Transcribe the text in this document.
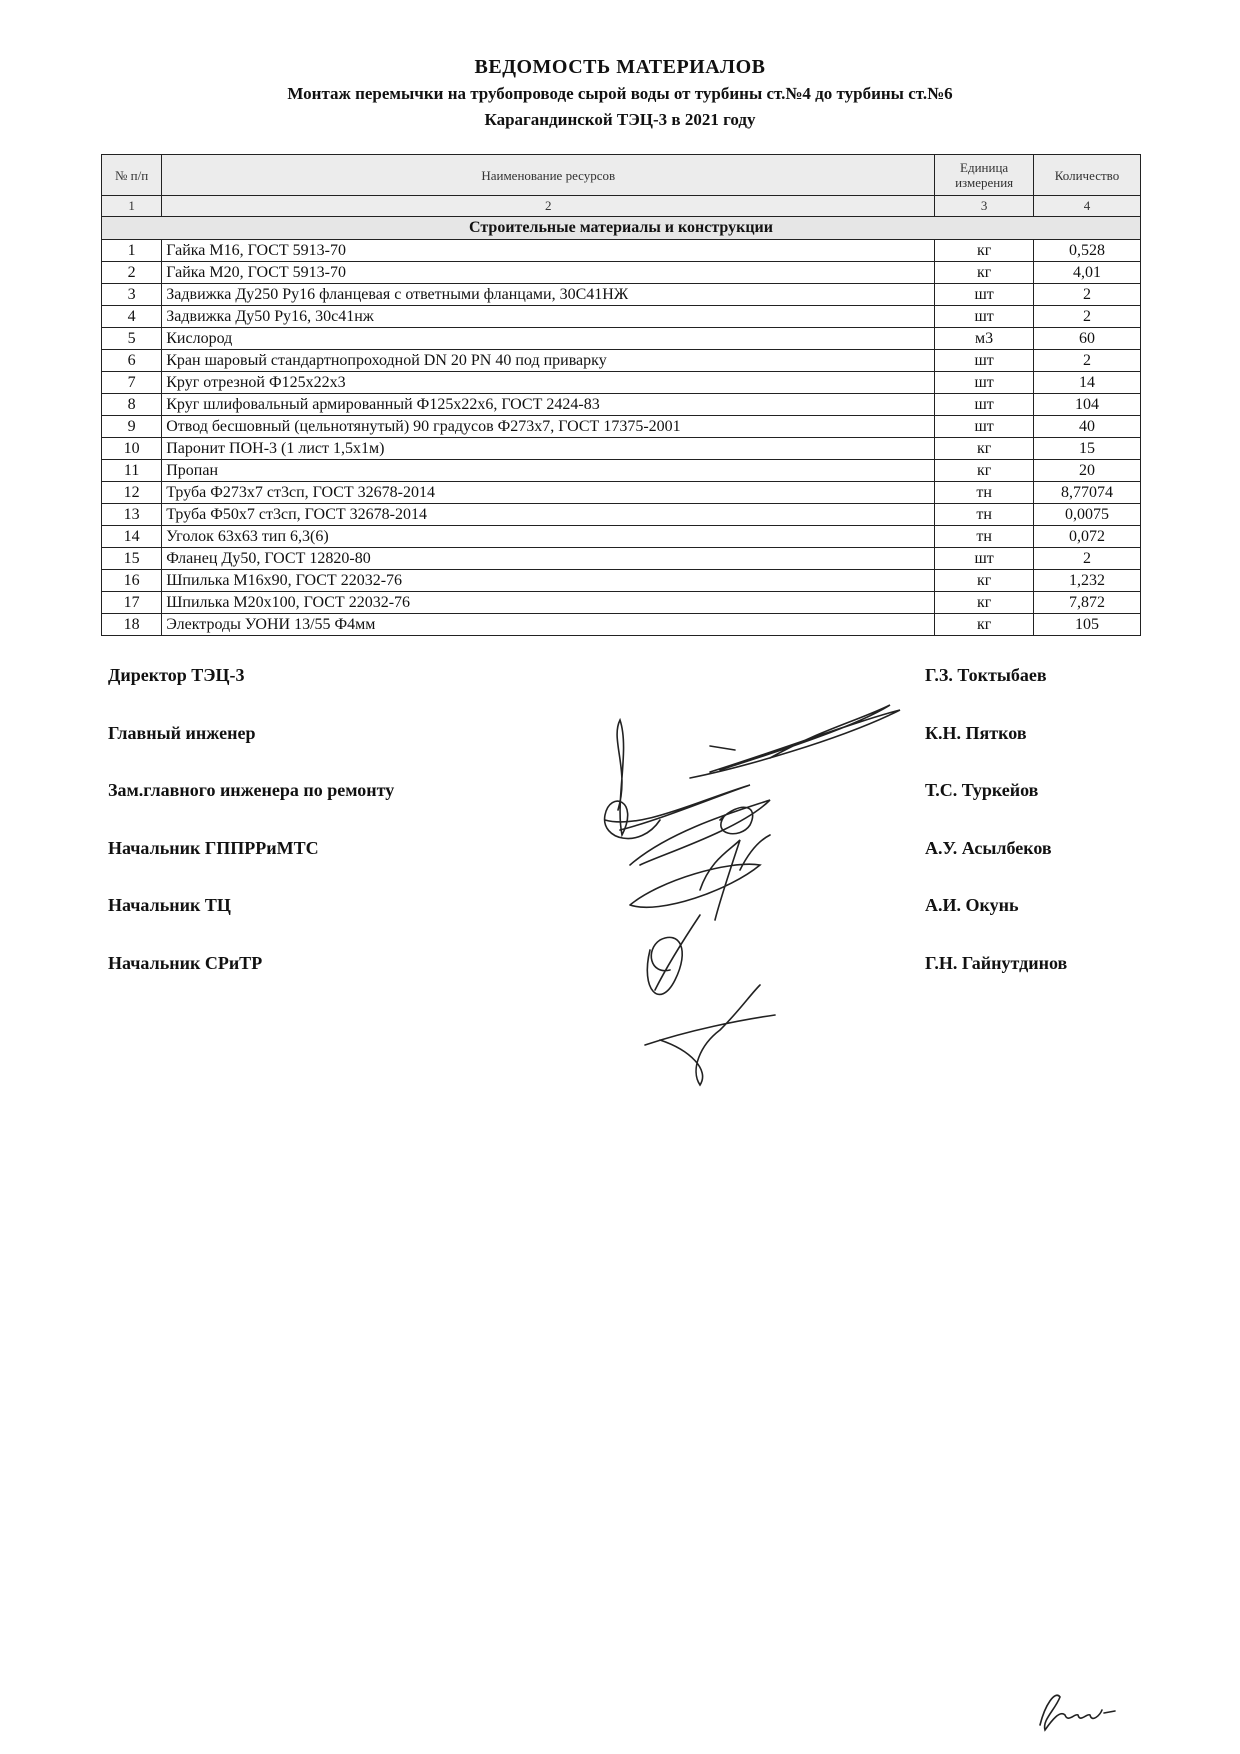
ВЕДОМОСТЬ МАТЕРИАЛОВ
Монтаж перемычки на трубопроводе сырой воды от турбины ст.№4 до турбины ст.№6
Карагандинской ТЭЦ-3 в 2021 году
№ п/п	Наименование ресурсов	Единица измерения	Количество
1	2	3	4
Строительные материалы и конструкции			
1	Гайка М16, ГОСТ 5913-70	кг	0,528
2	Гайка М20, ГОСТ 5913-70	кг	4,01
3	Задвижка Ду250 Ру16 фланцевая с ответными фланцами, 30С41НЖ	шт	2
4	Задвижка Ду50 Ру16, 30с41нж	шт	2
5	Кислород	м3	60
6	Кран шаровый стандартнопроходной DN 20 PN 40 под приварку	шт	2
7	Круг отрезной Ф125х22х3	шт	14
8	Круг шлифовальный армированный Ф125х22х6, ГОСТ 2424-83	шт	104
9	Отвод бесшовный (цельнотянутый) 90 градусов Ф273х7, ГОСТ 17375-2001	шт	40
10	Паронит ПОН-3 (1 лист 1,5х1м)	кг	15
11	Пропан	кг	20
12	Труба Ф273х7 ст3сп, ГОСТ 32678-2014	тн	8,77074
13	Труба Ф50х7 ст3сп, ГОСТ 32678-2014	тн	0,0075
14	Уголок 63х63 тип 6,3(6)	тн	0,072
15	Фланец Ду50, ГОСТ 12820-80	шт	2
16	Шпилька М16х90, ГОСТ 22032-76	кг	1,232
17	Шпилька М20х100, ГОСТ 22032-76	кг	7,872
18	Электроды УОНИ 13/55 Ф4мм	кг	105
Директор ТЭЦ-3	Г.З. Токтыбаев
Главный инженер	К.Н. Пятков
Зам.главного инженера по ремонту	Т.С. Туркейов
Начальник ГППРРиМТС	А.У. Асылбеков
Начальник ТЦ	А.И. Окунь
Начальник СРиТР	Г.Н. Гайнутдинов
